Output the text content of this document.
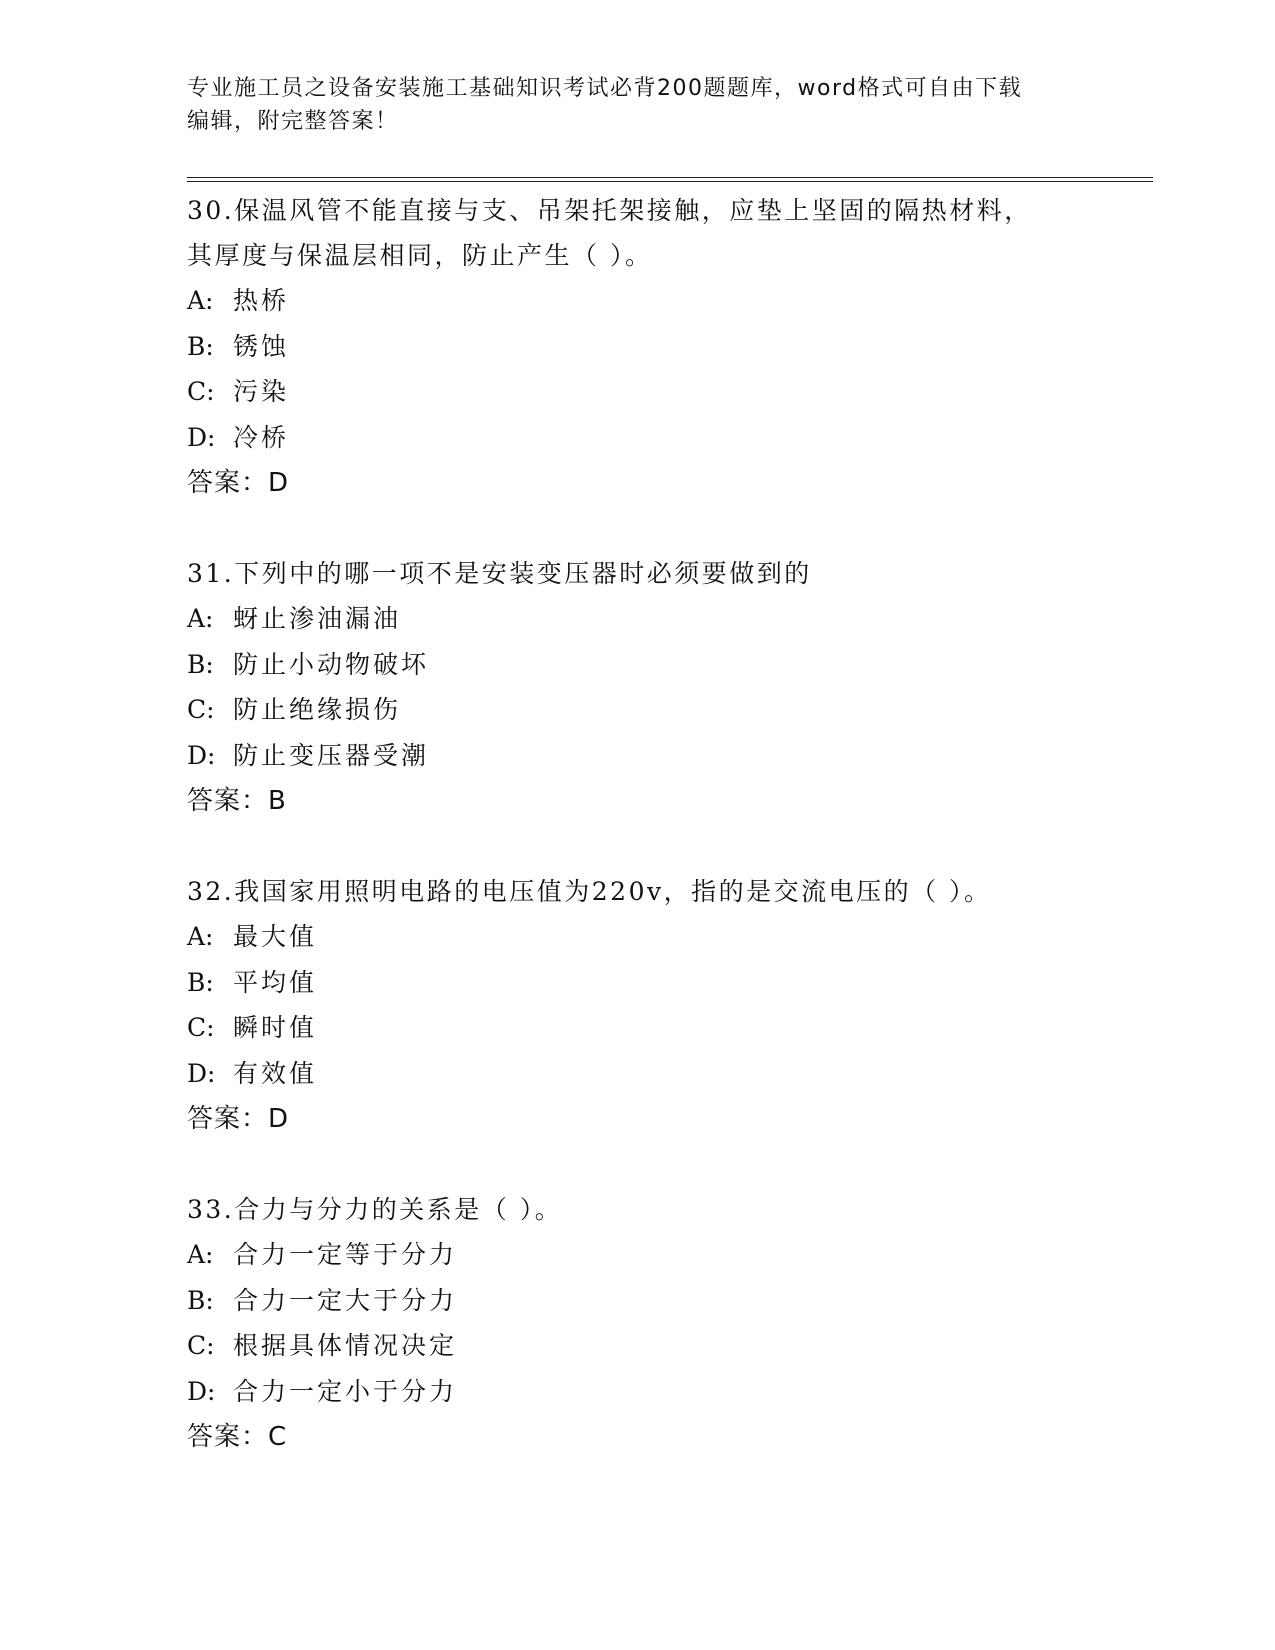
专业施工员之设备安装施工基础知识考试必背200题题库，word格式可自由下载
编辑，附完整答案！
30.保温风管不能直接与支、吊架托架接触，应垫上坚固的隔热材料，
其厚度与保温层相同，防止产生（ ）。
A: 热桥
B: 锈蚀
C: 污染
D: 冷桥
答案：D
31.下列中的哪一项不是安装变压器时必须要做到的
A: 蚜止渗油漏油
B: 防止小动物破坏
C: 防止绝缘损伤
D: 防止变压器受潮
答案：B
32.我国家用照明电路的电压值为220v，指的是交流电压的（ ）。
A: 最大值
B: 平均值
C: 瞬时值
D: 有效值
答案：D
33.合力与分力的关系是（ ）。
A: 合力一定等于分力
B: 合力一定大于分力
C: 根据具体情况决定
D: 合力一定小于分力
答案：C
